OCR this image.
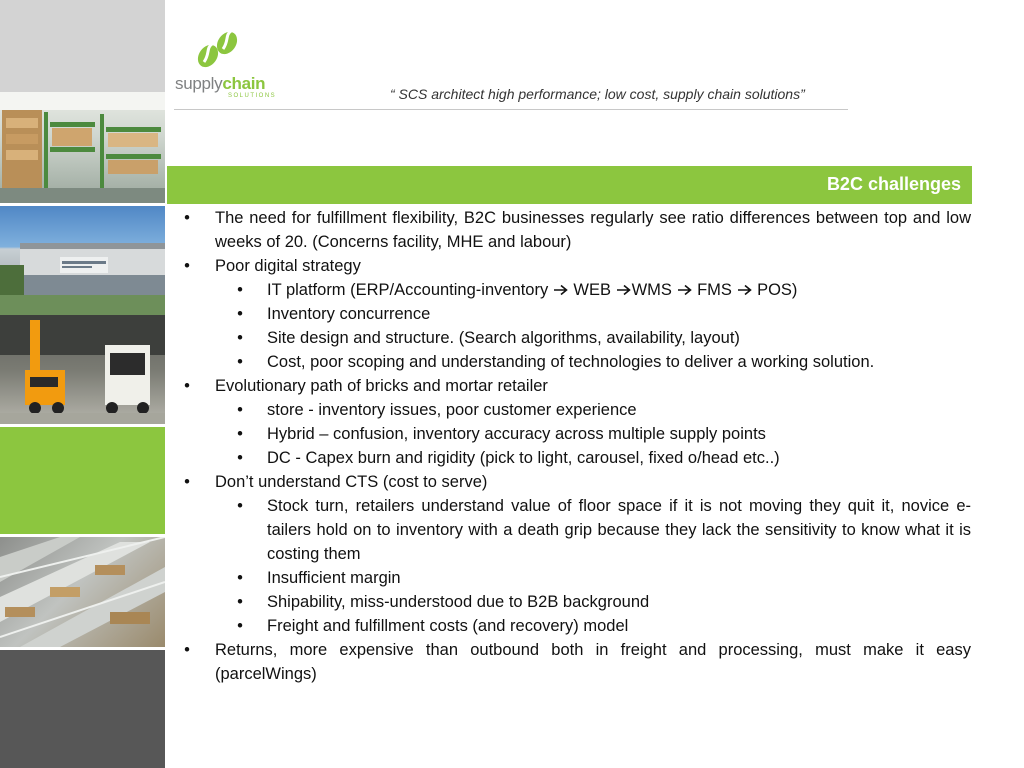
supplychain
SOLUTIONS	“ SCS architect high performance; low cost, supply chain solutions”
B2C challenges
• The need for fulfillment flexibility, B2C businesses regularly see ratio differences between top and low weeks of 20. (Concerns facility, MHE and labour)
• Poor digital strategy
• IT platform (ERP/Accounting-inventory  WEB WMS  FMS  POS)
• Inventory concurrence
• Site design and structure. (Search algorithms, availability, layout)
• Cost, poor scoping and understanding of technologies to deliver a working solution.
• Evolutionary path of bricks and mortar retailer
• store - inventory issues, poor customer experience
• Hybrid – confusion, inventory accuracy across multiple supply points
• DC - Capex burn and rigidity (pick to light, carousel, fixed o/head etc..)
• Don’t understand CTS (cost to serve)
• Stock turn, retailers understand value of floor space if it is not moving they quit it, novice e-tailers hold on to inventory with a death grip because they lack the sensitivity to know what it is costing them
• Insufficient margin
• Shipability, miss-understood due to B2B background
• Freight and fulfillment costs (and recovery) model
• Returns, more expensive than outbound both in freight and processing, must make it easy (parcelWings)
